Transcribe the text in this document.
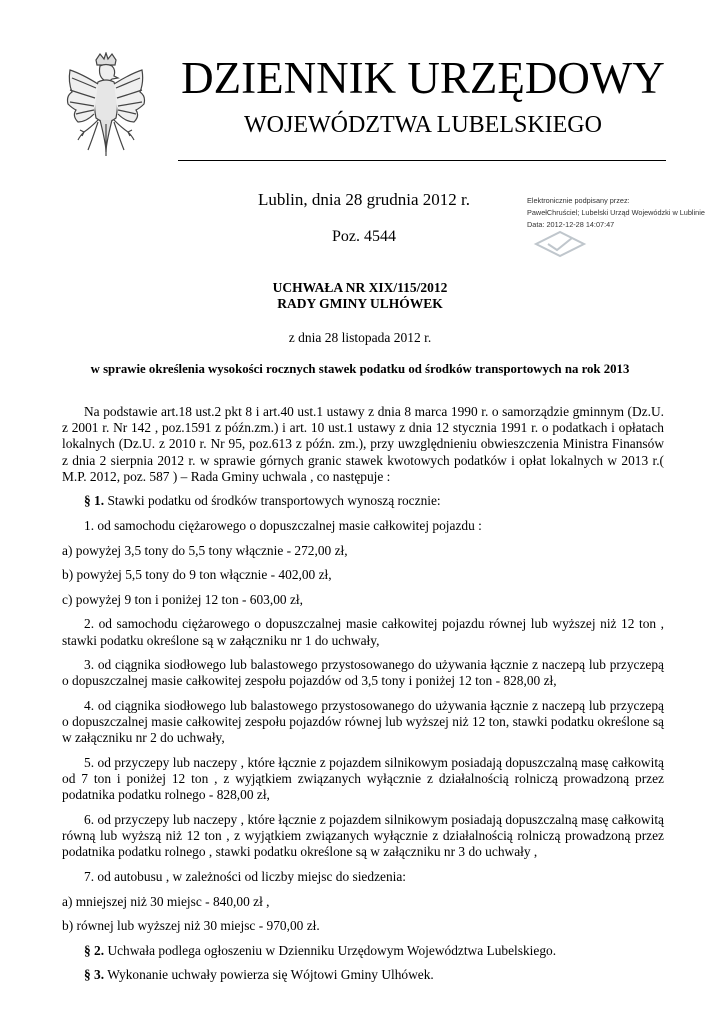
DZIENNIK URZĘDOWY
WOJEWÓDZTWA LUBELSKIEGO
Lublin, dnia 28 grudnia 2012 r.
Poz. 4544
Elektronicznie podpisany przez:
PawełChruściel; Lubelski Urząd Wojewódzki w Lublinie
Data: 2012-12-28 14:07:47
UCHWAŁA NR XIX/115/2012
RADY GMINY ULHÓWEK
z dnia 28 listopada 2012 r.
w sprawie określenia wysokości rocznych stawek podatku od środków transportowych na rok 2013

Na podstawie art.18 ust.2 pkt 8 i art.40 ust.1 ustawy z dnia 8 marca 1990 r. o samorządzie gminnym (Dz.U. z 2001 r. Nr 142 , poz.1591 z późn.zm.) i art. 10 ust.1 ustawy z dnia 12 stycznia 1991 r. o podatkach i opłatach lokalnych (Dz.U. z 2010 r. Nr 95, poz.613 z późn. zm.), przy uwzględnieniu obwieszczenia Ministra Finansów z dnia 2 sierpnia 2012 r. w sprawie górnych granic stawek kwotowych podatków i opłat lokalnych w 2013 r.( M.P. 2012, poz. 587 ) – Rada Gminy uchwala , co następuje :

§ 1. Stawki podatku od środków transportowych wynoszą rocznie:

1. od samochodu ciężarowego o dopuszczalnej masie całkowitej pojazdu :

a) powyżej 3,5 tony do 5,5 tony włącznie - 272,00 zł,

b) powyżej 5,5 tony do 9 ton włącznie - 402,00 zł,

c) powyżej 9 ton i poniżej 12 ton - 603,00 zł,

2. od samochodu ciężarowego o dopuszczalnej masie całkowitej pojazdu równej lub wyższej niż 12 ton , stawki podatku określone są w załączniku nr 1 do uchwały,

3. od ciągnika siodłowego lub balastowego przystosowanego do używania łącznie z naczepą lub przyczepą o dopuszczalnej masie całkowitej zespołu pojazdów od 3,5 tony i poniżej 12 ton - 828,00 zł,

4. od ciągnika siodłowego lub balastowego przystosowanego do używania łącznie z naczepą lub przyczepą o dopuszczalnej masie całkowitej zespołu pojazdów równej lub wyższej niż 12 ton, stawki podatku określone są w załączniku nr 2 do uchwały,

5. od przyczepy lub naczepy , które łącznie z pojazdem silnikowym posiadają dopuszczalną masę całkowitą od 7 ton i poniżej 12 ton , z wyjątkiem związanych wyłącznie z działalnością rolniczą prowadzoną przez podatnika podatku rolnego - 828,00 zł,

6. od przyczepy lub naczepy , które łącznie z pojazdem silnikowym posiadają dopuszczalną masę całkowitą równą lub wyższą niż 12 ton , z wyjątkiem związanych wyłącznie z działalnością rolniczą prowadzoną przez podatnika podatku rolnego , stawki podatku określone są w załączniku nr 3 do uchwały ,

7. od autobusu , w zależności od liczby miejsc do siedzenia:

a) mniejszej niż 30 miejsc - 840,00 zł ,

b) równej lub wyższej niż 30 miejsc - 970,00 zł.

§ 2. Uchwała podlega ogłoszeniu w Dzienniku Urzędowym Województwa Lubelskiego.

§ 3. Wykonanie uchwały powierza się Wójtowi Gminy Ulhówek.
